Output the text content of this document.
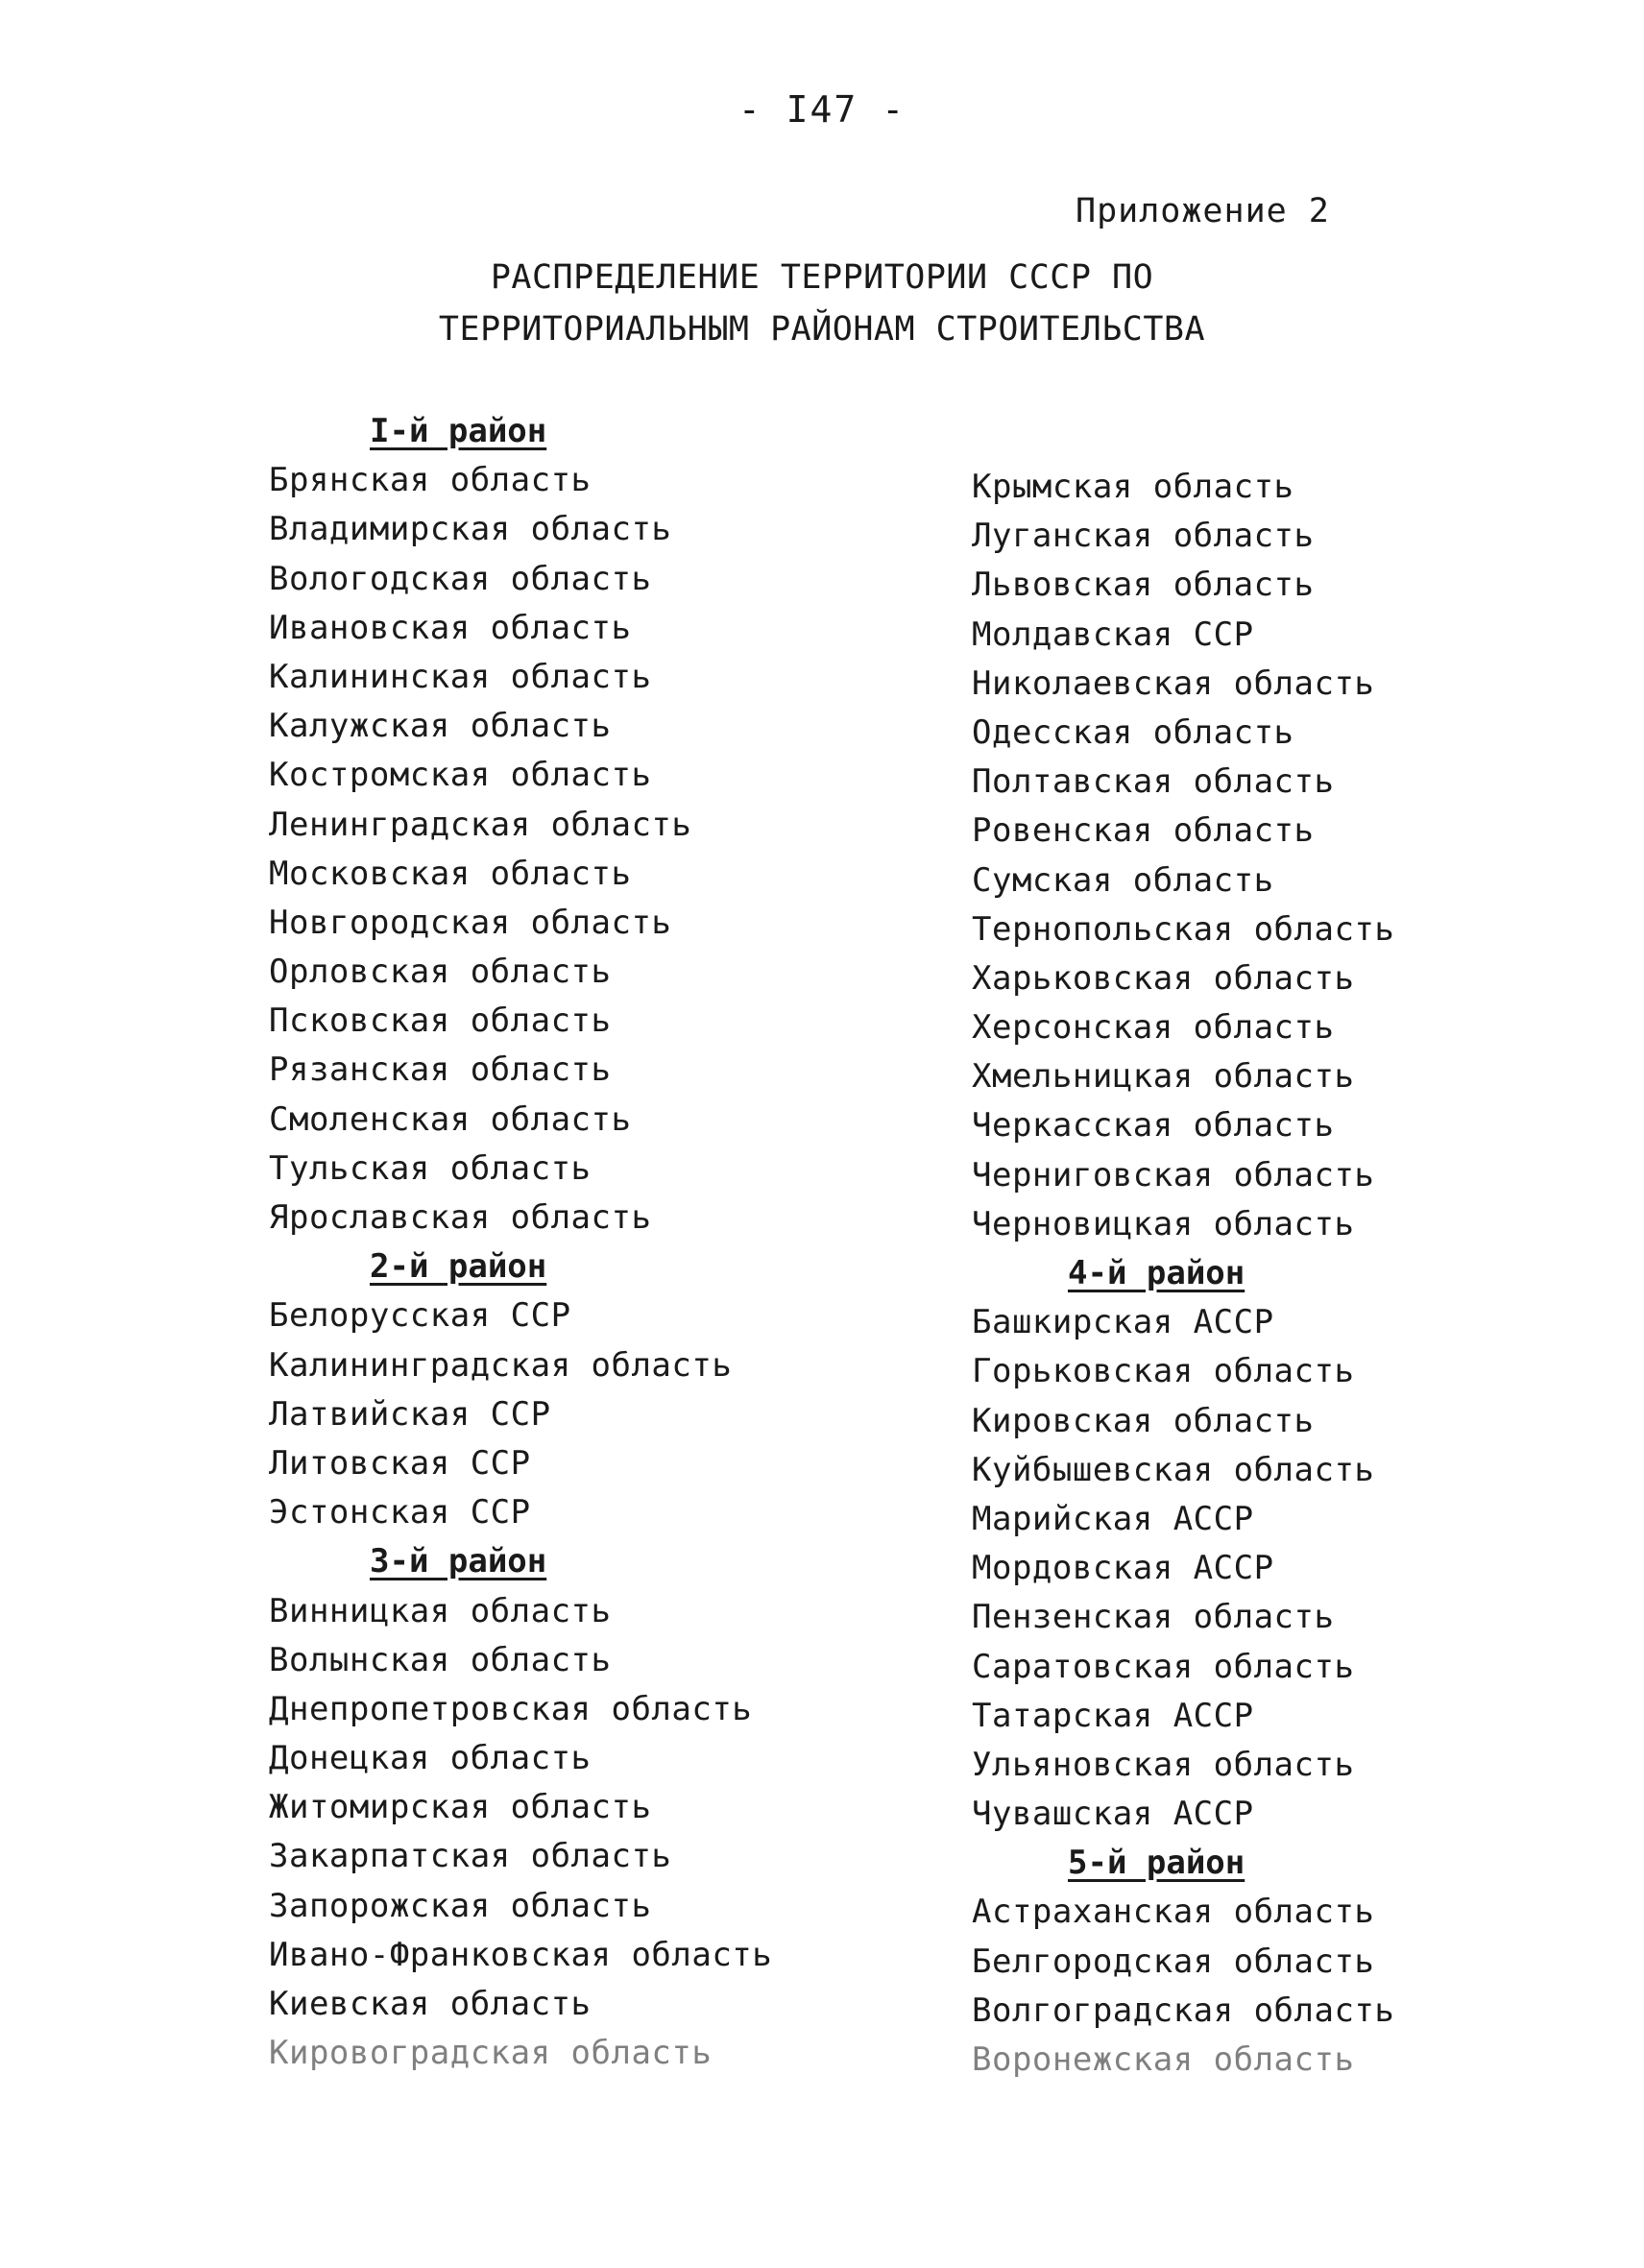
- I47 -
Приложение 2
РАСПРЕДЕЛЕНИЕ ТЕРРИТОРИИ СССР ПО
ТЕРРИТОРИАЛЬНЫМ РАЙОНАМ СТРОИТЕЛЬСТВА
I-й район
Брянская область
Владимирская область
Вологодская область
Ивановская область
Калининская область
Калужская область
Костромская область
Ленинградская область
Московская область
Новгородская область
Орловская область
Псковская область
Рязанская область
Смоленская область
Тульская область
Ярославская область
2-й район
Белорусская ССР
Калининградская область
Латвийская ССР
Литовская ССР
Эстонская ССР
3-й район
Винницкая область
Волынская область
Днепропетровская область
Донецкая область
Житомирская область
Закарпатская область
Запорожская область
Ивано-Франковская область
Киевская область
Кировоградская область
Крымская область
Луганская область
Львовская область
Молдавская ССР
Николаевская область
Одесская область
Полтавская область
Ровенская область
Сумская область
Тернопольская область
Харьковская область
Херсонская область
Хмельницкая область
Черкасская область
Черниговская область
Черновицкая область
4-й район
Башкирская АССР
Горьковская область
Кировская область
Куйбышевская область
Марийская АССР
Мордовская АССР
Пензенская область
Саратовская область
Татарская АССР
Ульяновская область
Чувашская АССР
5-й район
Астраханская область
Белгородская область
Волгоградская область
Воронежская область
